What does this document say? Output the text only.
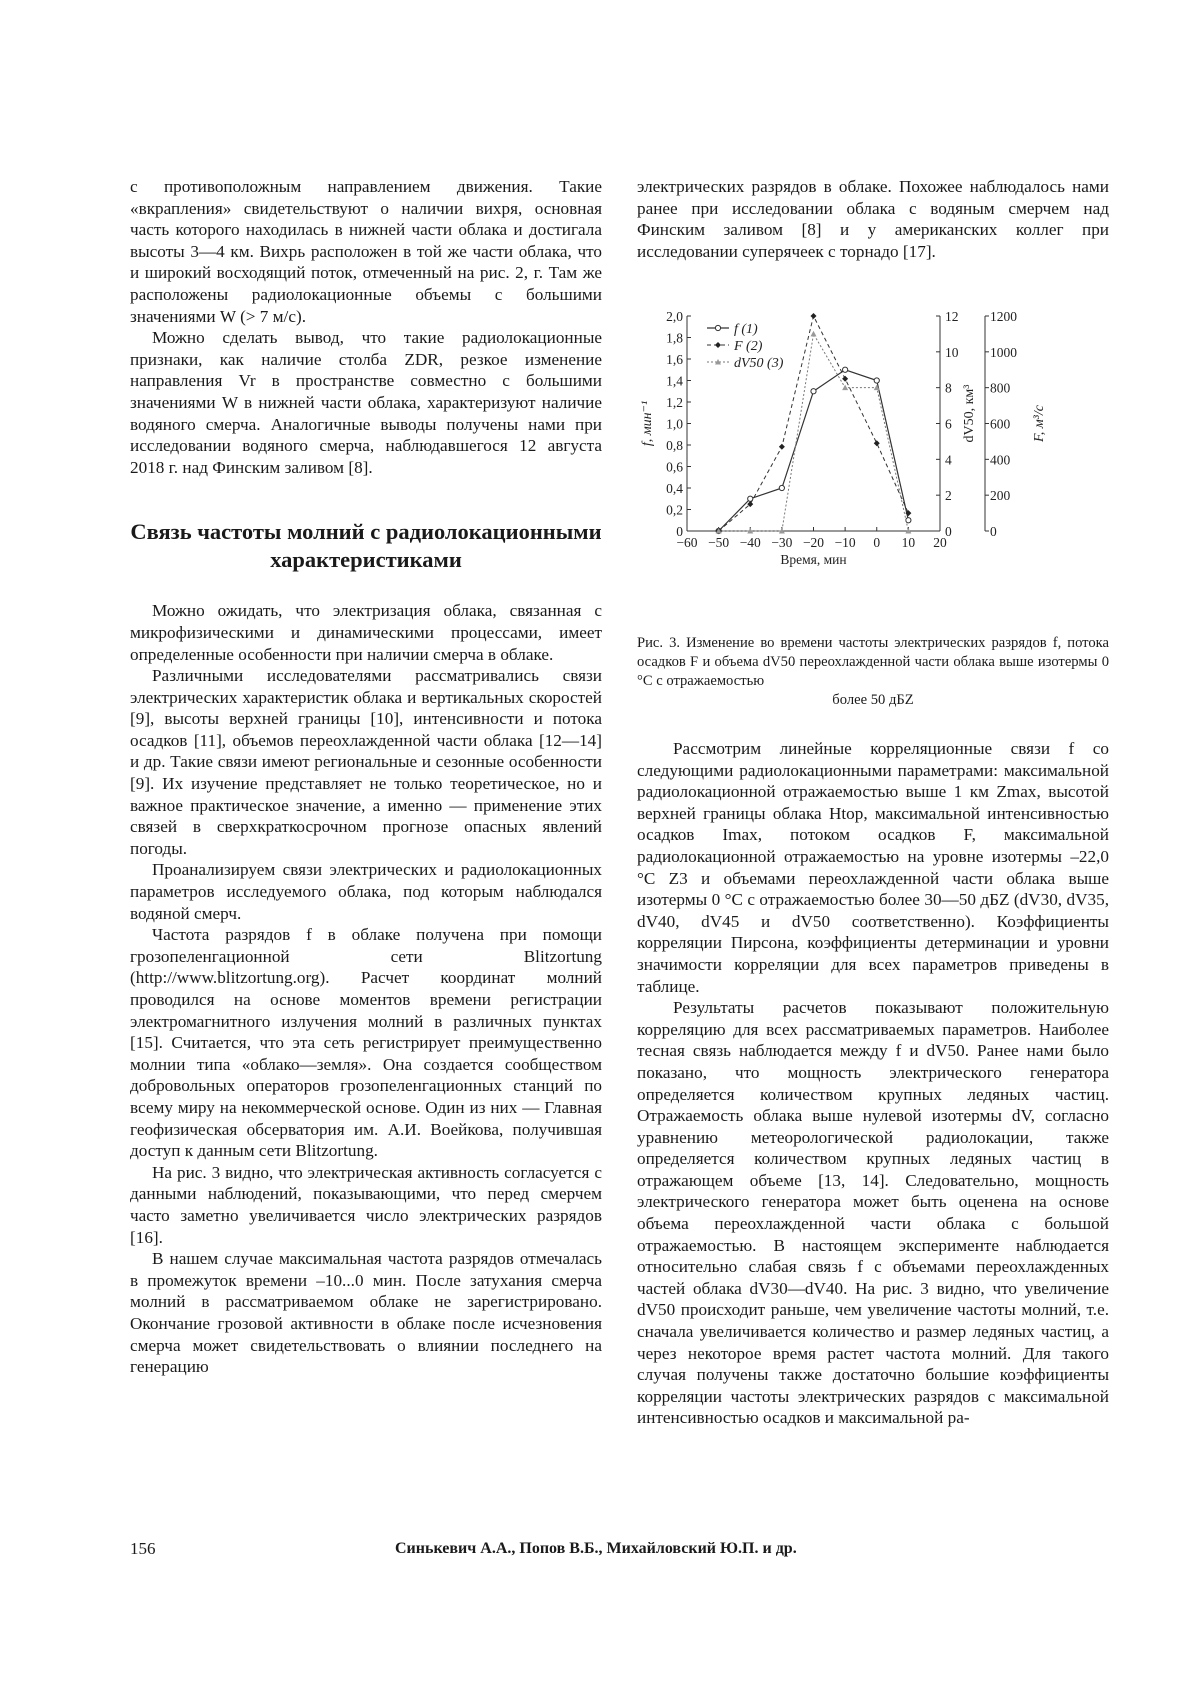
с противоположным направлением движения. Такие «вкрапления» свидетельствуют о наличии вихря, основная часть которого находилась в нижней части облака и достигала высоты 3—4 км. Вихрь расположен в той же части облака, что и широкий восходящий поток, отмеченный на рис. 2, г. Там же расположены радиолокационные объемы с большими значениями W (> 7 м/с).

Можно сделать вывод, что такие радиолокационные признаки, как наличие столба ZDR, резкое изменение направления Vr в пространстве совместно с большими значениями W в нижней части облака, характеризуют наличие водяного смерча. Аналогичные выводы получены нами при исследовании водяного смерча, наблюдавшегося 12 августа 2018 г. над Финским заливом [8].

Связь частоты молний с радиолокационными характеристиками

Можно ожидать, что электризация облака, связанная с микрофизическими и динамическими процессами, имеет определенные особенности при наличии смерча в облаке.

Различными исследователями рассматривались связи электрических характеристик облака и вертикальных скоростей [9], высоты верхней границы [10], интенсивности и потока осадков [11], объемов переохлажденной части облака [12—14] и др. Такие связи имеют региональные и сезонные особенности [9]. Их изучение представляет не только теоретическое, но и важное практическое значение, а именно — применение этих связей в сверхкраткосрочном прогнозе опасных явлений погоды.

Проанализируем связи электрических и радиолокационных параметров исследуемого облака, под которым наблюдался водяной смерч.

Частота разрядов f в облаке получена при помощи грозопеленгационной сети Blitzortung (http://www.blitzortung.org). Расчет координат молний проводился на основе моментов времени регистрации электромагнитного излучения молний в различных пунктах [15]. Считается, что эта сеть регистрирует преимущественно молнии типа «облако—земля». Она создается сообществом добровольных операторов грозопеленгационных станций по всему миру на некоммерческой основе. Один из них — Главная геофизическая обсерватория им. А.И. Воейкова, получившая доступ к данным сети Blitzortung.

На рис. 3 видно, что электрическая активность согласуется с данными наблюдений, показывающими, что перед смерчем часто заметно увеличивается число электрических разрядов [16].

В нашем случае максимальная частота разрядов отмечалась в промежуток времени –10...0 мин. После затухания смерча молний в рассматриваемом облаке не зарегистрировано. Окончание грозовой активности в облаке после исчезновения смерча может свидетельствовать о влиянии последнего на генерацию

электрических разрядов в облаке. Похожее наблюдалось нами ранее при исследовании облака с водяным смерчем над Финским заливом [8] и у американских коллег при исследовании суперячеек с торнадо [17].

−60 −50 −40 −30 −20 −10 0 10 20
Время, мин
0
0,2
0,4
0,6
0,8
1,0
1,2
1,4
1,6
1,8
2,0
f, мин⁻¹
0
2
4
6
8
10
12
dV50, км³
0
200
400
600
800
1000
1200
F, м³/с
f (1)
F (2)
dV50 (3)
Рис. 3. Изменение во времени частоты электрических разрядов f, потока осадков F и объема dV50 переохлажденной части облака выше изотермы 0 °С с отражаемостью
более 50 дБZ

Рассмотрим линейные корреляционные связи f со следующими радиолокационными параметрами: максимальной радиолокационной отражаемостью выше 1 км Zmax, высотой верхней границы облака Htop, максимальной интенсивностью осадков Imax, потоком осадков F, максимальной радиолокационной отражаемостью на уровне изотермы –22,0 °С Z3 и объемами переохлажденной части облака выше изотермы 0 °С с отражаемостью более 30—50 дБZ (dV30, dV35, dV40, dV45 и dV50 соответственно). Коэффициенты корреляции Пирсона, коэффициенты детерминации и уровни значимости корреляции для всех параметров приведены в таблице.

Результаты расчетов показывают положительную корреляцию для всех рассматриваемых параметров. Наиболее тесная связь наблюдается между f и dV50. Ранее нами было показано, что мощность электрического генератора определяется количеством крупных ледяных частиц. Отражаемость облака выше нулевой изотермы dV, согласно уравнению метеорологической радиолокации, также определяется количеством крупных ледяных частиц в отражающем объеме [13, 14]. Следовательно, мощность электрического генератора может быть оценена на основе объема переохлажденной части облака с большой отражаемостью. В настоящем эксперименте наблюдается относительно слабая связь f с объемами переохлажденных частей облака dV30—dV40. На рис. 3 видно, что увеличение dV50 происходит раньше, чем увеличение частоты молний, т.е. сначала увеличивается количество и размер ледяных частиц, а через некоторое время растет частота молний. Для такого случая получены также достаточно большие коэффициенты корреляции частоты электрических разрядов с максимальной интенсивностью осадков и максимальной ра-

156	Синькевич А.А., Попов В.Б., Михайловский Ю.П. и др.
